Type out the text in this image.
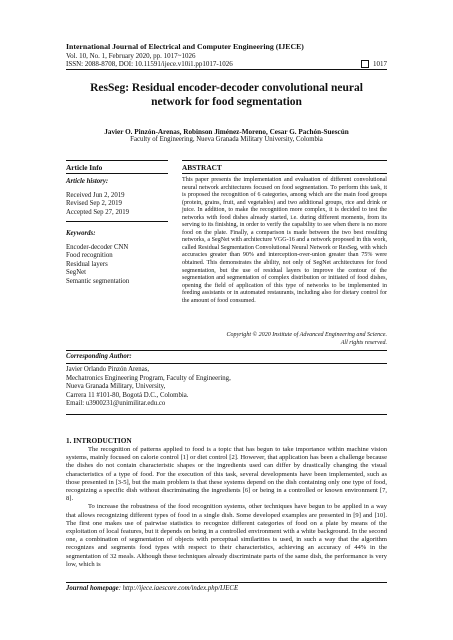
International Journal of Electrical and Computer Engineering (IJECE)
Vol. 10, No. 1, February 2020, pp. 1017~1026
ISSN: 2088-8708, DOI: 10.11591/ijece.v10i1.pp1017-1026	1017
ResSeg: Residual encoder-decoder convolutional neural
network for food segmentation
Javier O. Pinzón-Arenas, Robinson Jiménez-Moreno, Cesar G. Pachón-Suescún
Faculty of Engineering, Nueva Granada Military University, Colombia
Article Info	ABSTRACT
Article history:
Received Jun 2, 2019
Revised Sep 2, 2019
Accepted Sep 27, 2019
Keywords:
Encoder-decoder CNN
Food recognition
Residual layers
SegNet
Semantic segmentation
This paper presents the implementation and evaluation of different convolutional neural network architectures focused on food segmentation. To perform this task, it is proposed the recognition of 6 categories, among which are the main food groups (protein, grains, fruit, and vegetables) and two additional groups, rice and drink or juice. In addition, to make the recognition more complex, it is decided to test the networks with food dishes already started, i.e. during different moments, from its serving to its finishing, in order to verify the capability to see when there is no more food on the plate. Finally, a comparison is made between the two best resulting networks, a SegNet with architecture VGG-16 and a network proposed in this work, called Residual Segmentation Convolutional Neural Network or ResSeg, with which accuracies greater than 90% and interception-over-union greater than 75% were obtained. This demonstrates the ability, not only of SegNet architectures for food segmentation, but the use of residual layers to improve the contour of the segmentation and segmentation of complex distribution or initiated of food dishes, opening the field of application of this type of networks to be implemented in feeding assistants or in automated restaurants, including also for dietary control for the amount of food consumed.
Copyright © 2020 Institute of Advanced Engineering and Science.
All rights reserved.
Corresponding Author:
Javier Orlando Pinzón Arenas,
Mechatronics Engineering Program, Faculty of Engineering,
Nueva Granada Military, University,
Carrera 11 #101-80, Bogotá D.C., Colombia.
Email: u3900231@unimilitar.edu.co
1. INTRODUCTION

The recognition of patterns applied to food is a topic that has begun to take importance within machine vision systems, mainly focused on calorie control [1] or diet control [2]. However, that application has been a challenge because the dishes do not contain characteristic shapes or the ingredients used can differ by drastically changing the visual characteristics of a type of food. For the execution of this task, several developments have been implemented, such as those presented in [3-5], but the main problem is that these systems depend on the dish containing only one type of food, recognizing a specific dish without discriminating the ingredients [6] or being in a controlled or known environment [7, 8].

To increase the robustness of the food recognition systems, other techniques have begun to be applied in a way that allows recognizing different types of food in a single dish. Some developed examples are presented in [9] and [10]. The first one makes use of pairwise statistics to recognize different categories of food on a plate by means of the exploitation of local features, but it depends on being in a controlled environment with a white background. In the second one, a combination of segmentation of objects with perceptual similarities is used, in such a way that the algorithm recognizes and segments food types with respect to their characteristics, achieving an accuracy of 44% in the segmentation of 32 meals. Although these techniques already discriminate parts of the same dish, the performance is very low, which is

Journal homepage: http://ijece.iaescore.com/index.php/IJECE
